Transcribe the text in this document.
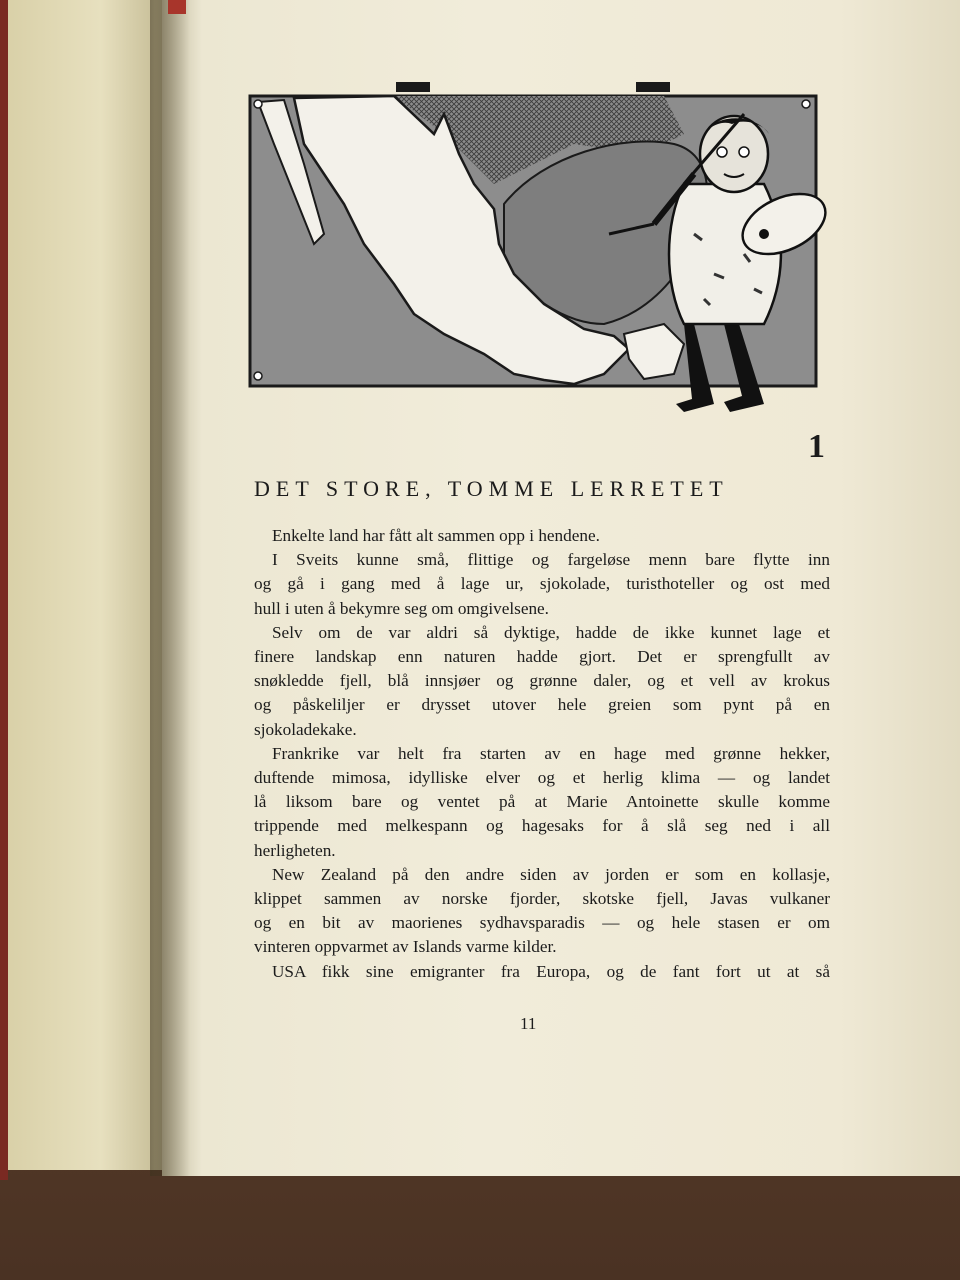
1
DET STORE, TOMME LERRETET
Enkelte land har fått alt sammen opp i hendene.
I Sveits kunne små, flittige og fargeløse menn bare flytte inn
og gå i gang med å lage ur, sjokolade, turisthoteller og ost med
hull i uten å bekymre seg om omgivelsene.
Selv om de var aldri så dyktige, hadde de ikke kunnet lage et
finere landskap enn naturen hadde gjort. Det er sprengfullt av
snøkledde fjell, blå innsjøer og grønne daler, og et vell av krokus
og påskeliljer er drysset utover hele greien som pynt på en
sjokoladekake.
Frankrike var helt fra starten av en hage med grønne hekker,
duftende mimosa, idylliske elver og et herlig klima — og landet
lå liksom bare og ventet på at Marie Antoinette skulle komme
trippende med melkespann og hagesaks for å slå seg ned i all
herligheten.
New Zealand på den andre siden av jorden er som en kollasje,
klippet sammen av norske fjorder, skotske fjell, Javas vulkaner
og en bit av maorienes sydhavsparadis — og hele stasen er om
vinteren oppvarmet av Islands varme kilder.
USA fikk sine emigranter fra Europa, og de fant fort ut at så
11
